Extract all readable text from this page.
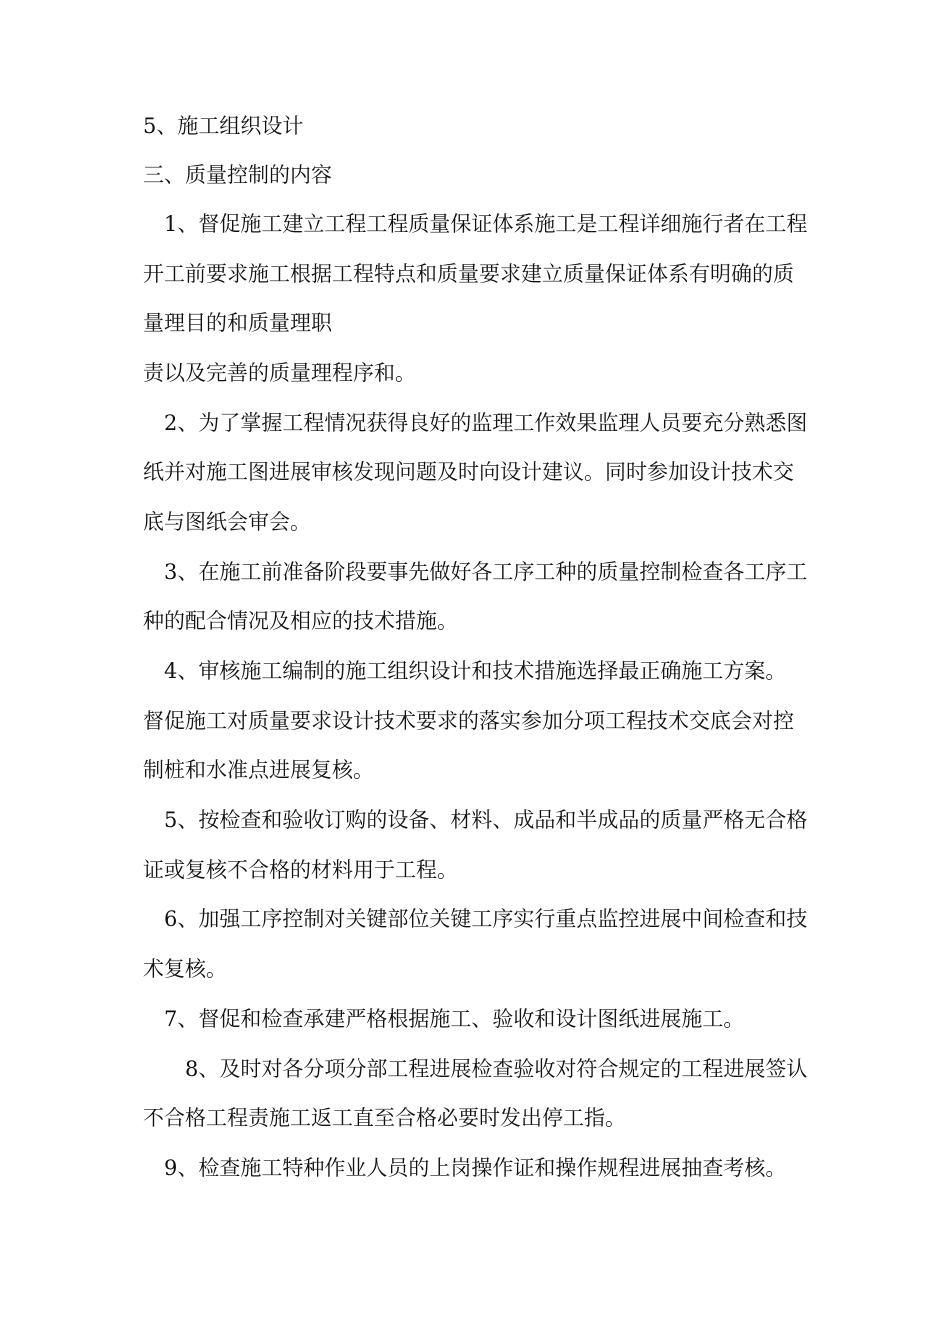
5、施工组织设计

三、质量控制的内容

1、督促施工建立工程工程质量保证体系施工是工程详细施行者在工程

开工前要求施工根据工程特点和质量要求建立质量保证体系有明确的质

量理目的和质量理职

责以及完善的质量理程序和。

2、为了掌握工程情况获得良好的监理工作效果监理人员要充分熟悉图

纸并对施工图进展审核发现问题及时向设计建议。同时参加设计技术交

底与图纸会审会。

3、在施工前准备阶段要事先做好各工序工种的质量控制检查各工序工

种的配合情况及相应的技术措施。

4、审核施工编制的施工组织设计和技术措施选择最正确施工方案。

督促施工对质量要求设计技术要求的落实参加分项工程技术交底会对控

制桩和水准点进展复核。

5、按检查和验收订购的设备、材料、成品和半成品的质量严格无合格

证或复核不合格的材料用于工程。

6、加强工序控制对关键部位关键工序实行重点监控进展中间检查和技

术复核。

7、督促和检查承建严格根据施工、验收和设计图纸进展施工。

8、及时对各分项分部工程进展检查验收对符合规定的工程进展签认

不合格工程责施工返工直至合格必要时发出停工指。

9、检查施工特种作业人员的上岗操作证和操作规程进展抽查考核。
